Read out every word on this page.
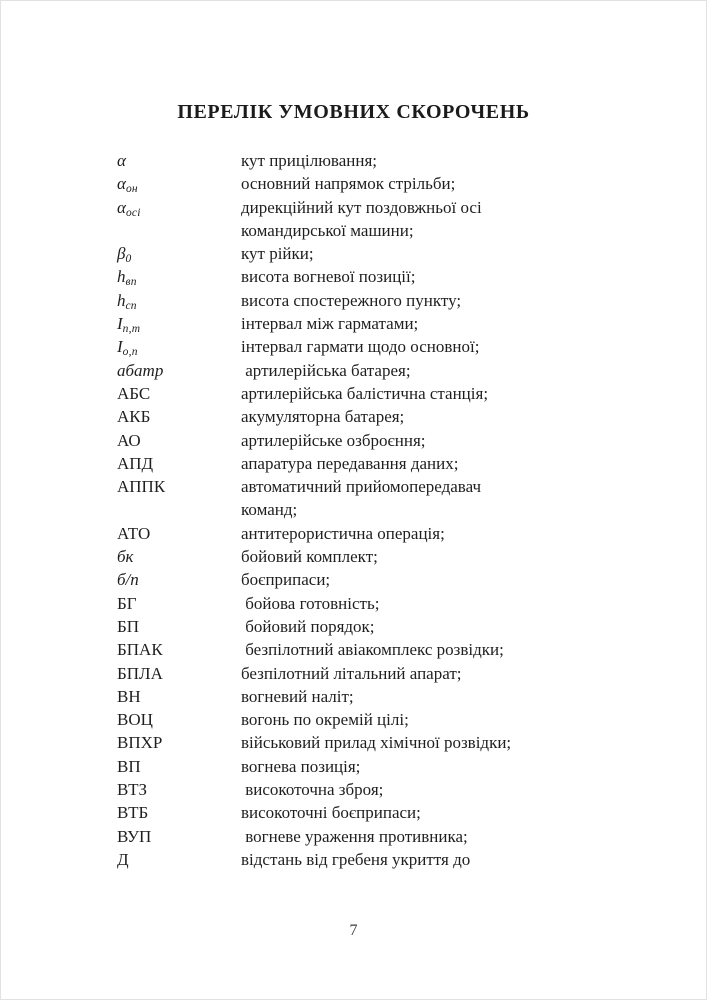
ПЕРЕЛІК УМОВНИХ СКОРОЧЕНЬ
α	кут прицілювання;
$\alpha_{он}$	основний напрямок стрільби;
$\alpha_{осі}$	дирекційний кут поздовжньої осі
командирської машини;
$\beta_0$	кут рійки;
$h_{вп}$	висота вогневої позиції;
$h_{сп}$	висота спостережного пункту;
$I_{n,m}$	інтервал між гарматами;
$I_{o,n}$	інтервал гармати щодо основної;
абатр	артилерійська батарея;
АБС	артилерійська балістична станція;
АКБ	акумуляторна батарея;
АО	артилерійське озброєння;
АПД	апаратура передавання даних;
АППК	автоматичний прийомопередавач
команд;
АТО	антитерористична операція;
бк	бойовий комплект;
б/п	боєприпаси;
БГ	бойова готовність;
БП	бойовий порядок;
БПАК	безпілотний авіакомплекс розвідки;
БПЛА	безпілотний літальний апарат;
ВН	вогневий наліт;
ВОЦ	вогонь по окремій цілі;
ВПХР	військовий прилад хімічної розвідки;
ВП	вогнева позиція;
ВТЗ	високоточна зброя;
ВТБ	високоточні боєприпаси;
ВУП	вогневе ураження противника;
Д	відстань від гребеня укриття до
7
